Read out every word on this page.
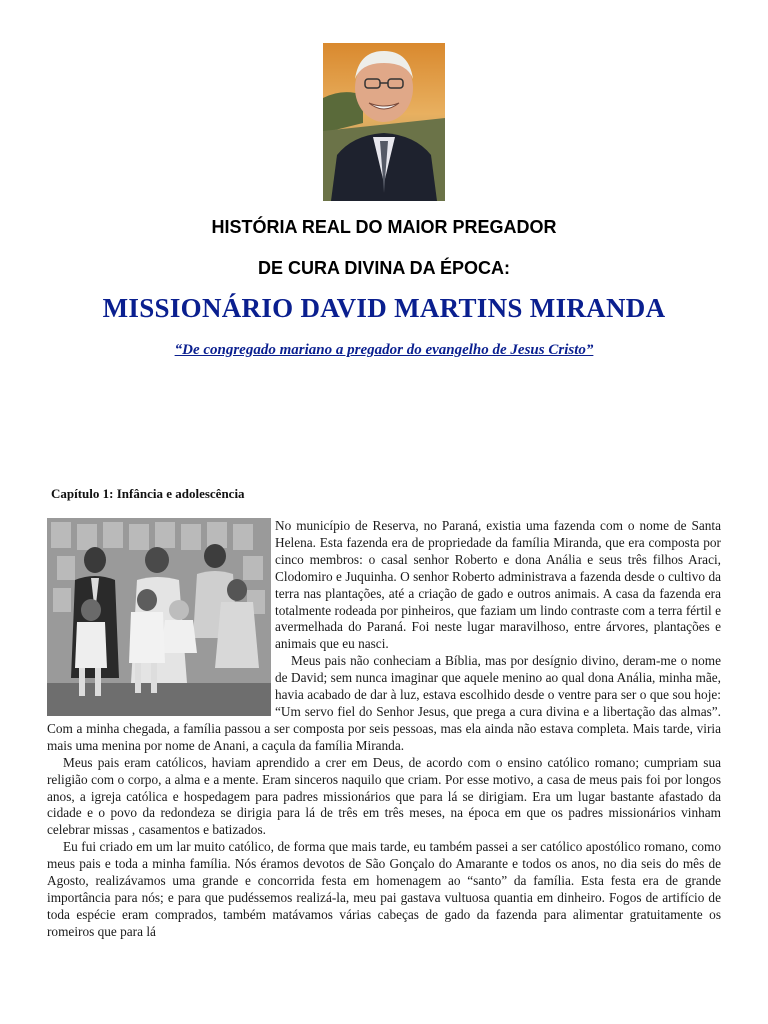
HISTÓRIA REAL DO MAIOR PREGADOR
DE CURA DIVINA DA ÉPOCA:
MISSIONÁRIO DAVID MARTINS MIRANDA
“De congregado mariano a pregador do evangelho de Jesus Cristo”
Capítulo 1: Infância e adolescência

No município de Reserva, no Paraná, existia uma fazenda com o nome de Santa Helena. Esta fazenda era de propriedade da família Miranda, que era composta por cinco membros: o casal senhor Roberto e dona Anália e seus três filhos Araci, Clodomiro e Juquinha. O senhor Roberto administrava a fazenda desde o cultivo da terra nas plantações, até a criação de gado e outros animais. A casa da fazenda era totalmente rodeada por pinheiros, que faziam um lindo contraste com a terra fértil e avermelhada do Paraná. Foi neste lugar maravilhoso, entre árvores, plantações e animais que eu nasci.

Meus pais não conheciam a Bíblia, mas por desígnio divino, deram-me o nome de David; sem nunca imaginar que aquele menino ao qual dona Anália, minha mãe, havia acabado de dar à luz, estava escolhido desde o ventre para ser o que sou hoje: “Um servo fiel do Senhor Jesus, que prega a cura divina e a libertação das almas”. Com a minha chegada, a família passou a ser composta por seis pessoas, mas ela ainda não estava completa. Mais tarde, viria mais uma menina por nome de Anani, a caçula da família Miranda.

Meus pais eram católicos, haviam aprendido a crer em Deus, de acordo com o ensino católico romano; cumpriam sua religião com o corpo, a alma e a mente. Eram sinceros naquilo que criam. Por esse motivo, a casa de meus pais foi por longos anos, a igreja católica e hospedagem para padres missionários que para lá se dirigiam. Era um lugar bastante afastado da cidade e o povo da redondeza se dirigia para lá de três em três meses, na época em que os padres missionários vinham celebrar missas , casamentos e batizados.

Eu fui criado em um lar muito católico, de forma que mais tarde, eu também passei a ser católico apostólico romano, como meus pais e toda a minha família. Nós éramos devotos de São Gonçalo do Amarante e todos os anos, no dia seis do mês de Agosto, realizávamos uma grande e concorrida festa em homenagem ao “santo” da família. Esta festa era de grande importância para nós; e para que pudéssemos realizá-la, meu pai gastava vultuosa quantia em dinheiro. Fogos de artifício de toda espécie eram comprados, também matávamos várias cabeças de gado da fazenda para alimentar gratuitamente os romeiros que para lá
